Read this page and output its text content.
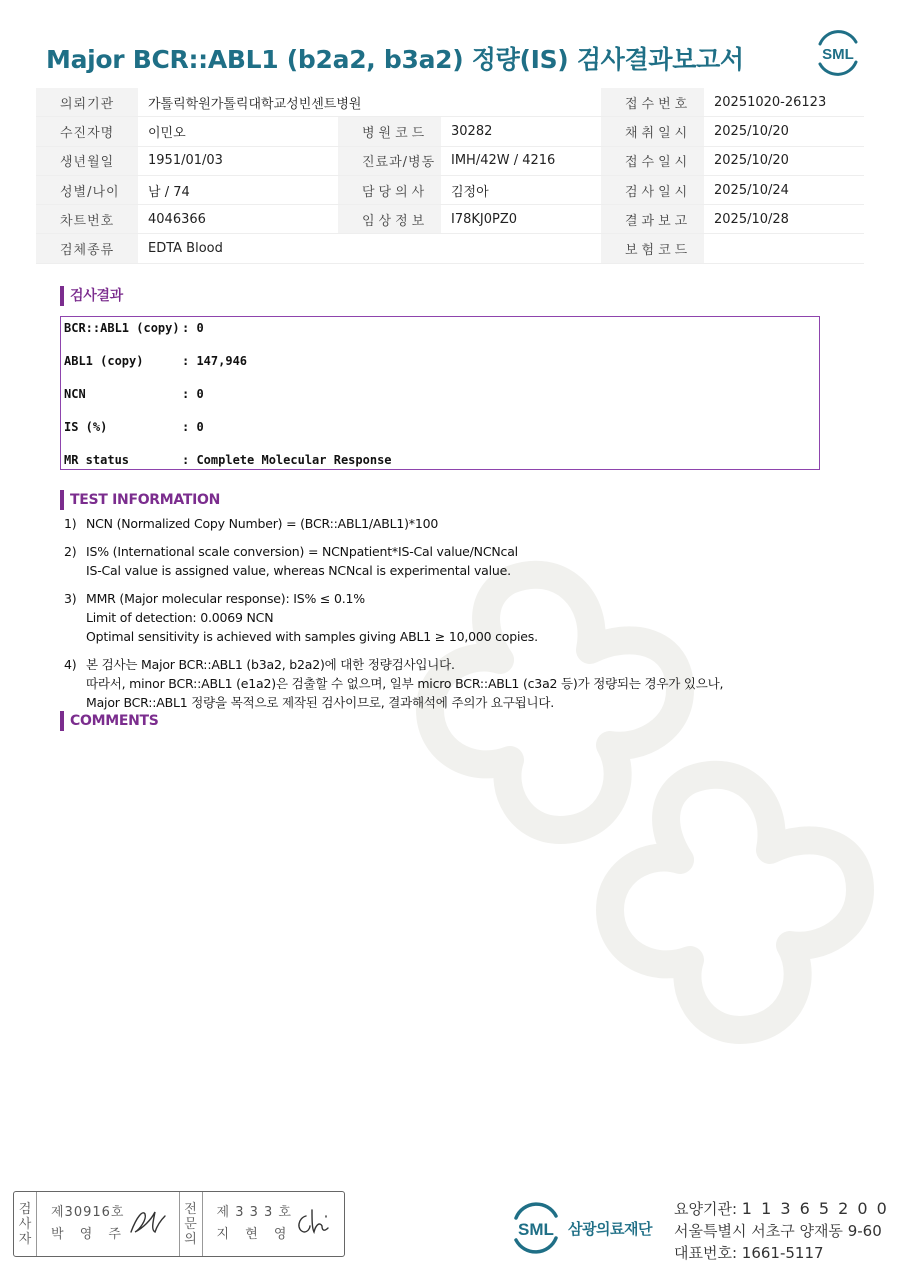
Major BCR::ABL1 (b2a2, b3a2) 정량(IS) 검사결과보고서	SML
의뢰기관	가톨릭학원가톨릭대학교성빈센트병원			접수번호	20251020-26123
수진자명	이민오	병원코드	30282	채취일시	2025/10/20
생년월일	1951/01/03	진료과/병동	IMH/42W / 4216	접수일시	2025/10/20
성별/나이	남 / 74	담당의사	김정아	검사일시	2025/10/24
차트번호	4046366	임상정보	I78KJ0PZ0	결과보고	2025/10/28
검체종류	EDTA Blood			보험코드	
검사결과
BCR::ABL1 (copy) : 0
ABL1 (copy)	: 147,946
NCN	: 0
IS (%)	: 0
MR status	: Complete Molecular Response
TEST INFORMATION
1) NCN (Normalized Copy Number) = (BCR::ABL1/ABL1)*100
2) IS% (International scale conversion) = NCNpatient*IS-Cal value/NCNcal
IS-Cal value is assigned value, whereas NCNcal is experimental value.
3) MMR (Major molecular response): IS% ≤ 0.1%
Limit of detection: 0.0069 NCN
Optimal sensitivity is achieved with samples giving ABL1 ≥ 10,000 copies.
4) 본 검사는 Major BCR::ABL1 (b3a2, b2a2)에 대한 정량검사입니다.
따라서, minor BCR::ABL1 (e1a2)은 검출할 수 없으며, 일부 micro BCR::ABL1 (c3a2 등)가 정량되는 경우가 있으나,
Major BCR::ABL1 정량을 목적으로 제작된 검사이므로, 결과해석에 주의가 요구됩니다.
COMMENTS
검
사
자
제30916호
박 영 주
전
문
의
제 3 3 3 호
지 현 영	SML 삼광의료재단
요양기관: 1 1 3 6 5 2 0 0
서울특별시 서초구 양재동 9-60
대표번호: 1661-5117
